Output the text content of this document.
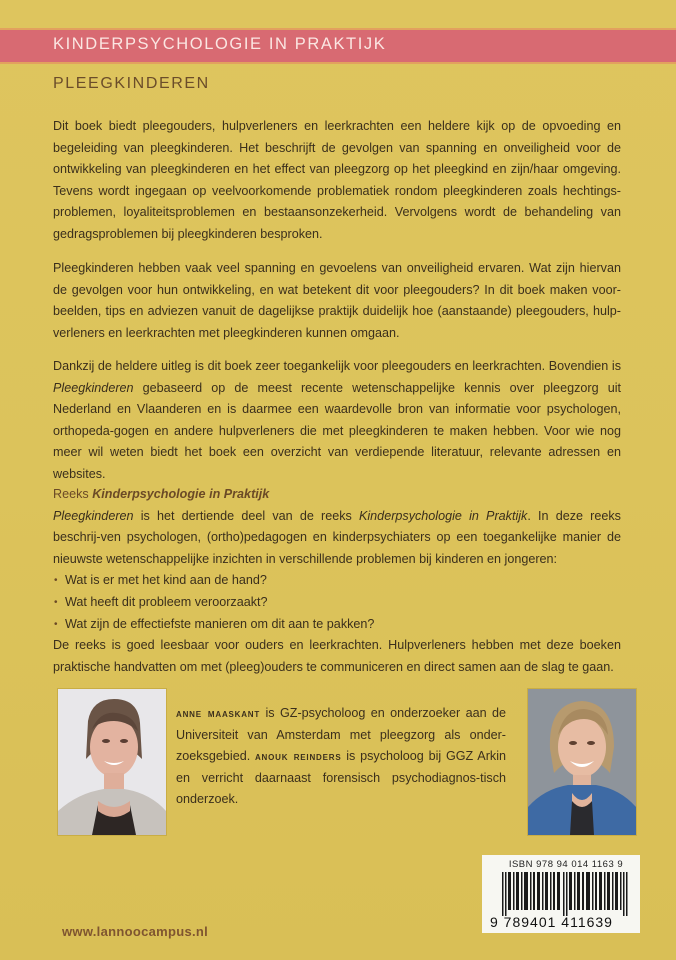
KINDERPSYCHOLOGIE IN PRAKTIJK
PLEEGKINDEREN

Dit boek biedt pleegouders, hulpverleners en leerkrachten een heldere kijk op de opvoeding en begeleiding van pleegkinderen. Het beschrijft de gevolgen van spanning en onveiligheid voor de ontwikkeling van pleegkinderen en het effect van pleegzorg op het pleegkind en zijn/haar omgeving. Tevens wordt ingegaan op veelvoorkomende problematiek rondom pleegkinderen zoals hechtings-problemen, loyaliteitsproblemen en bestaansonzekerheid. Vervolgens wordt de behandeling van gedragsproblemen bij pleegkinderen besproken.

Pleegkinderen hebben vaak veel spanning en gevoelens van onveiligheid ervaren. Wat zijn hiervan de gevolgen voor hun ontwikkeling, en wat betekent dit voor pleegouders? In dit boek maken voor-beelden, tips en adviezen vanuit de dagelijkse praktijk duidelijk hoe (aanstaande) pleegouders, hulp-verleners en leerkrachten met pleegkinderen kunnen omgaan.

Dankzij de heldere uitleg is dit boek zeer toegankelijk voor pleegouders en leerkrachten. Bovendien is Pleegkinderen gebaseerd op de meest recente wetenschappelijke kennis over pleegzorg uit Nederland en Vlaanderen en is daarmee een waardevolle bron van informatie voor psychologen, orthopeda-gogen en andere hulpverleners die met pleegkinderen te maken hebben. Voor wie nog meer wil weten biedt het boek een overzicht van verdiepende literatuur, relevante adressen en websites.

Reeks Kinderpsychologie in Praktijk

Pleegkinderen is het dertiende deel van de reeks Kinderpsychologie in Praktijk. In deze reeks beschrij-ven psychologen, (ortho)pedagogen en kinderpsychiaters op een toegankelijke manier de nieuwste wetenschappelijke inzichten in verschillende problemen bij kinderen en jongeren:

• Wat is er met het kind aan de hand?
• Wat heeft dit probleem veroorzaakt?
• Wat zijn de effectiefste manieren om dit aan te pakken?

De reeks is goed leesbaar voor ouders en leerkrachten. Hulpverleners hebben met deze boeken praktische handvatten om met (pleeg)ouders te communiceren en direct samen aan de slag te gaan.

anne maaskant is GZ-psycholoog en onderzoeker aan de Universiteit van Amsterdam met pleegzorg als onder-zoeksgebied. anouk reinders is psycholoog bij GGZ Arkin en verricht daarnaast forensisch psychodiagnos-tisch onderzoek.
ISBN 978 94 014 1163 9
9 789401 411639
www.lannoocampus.nl
